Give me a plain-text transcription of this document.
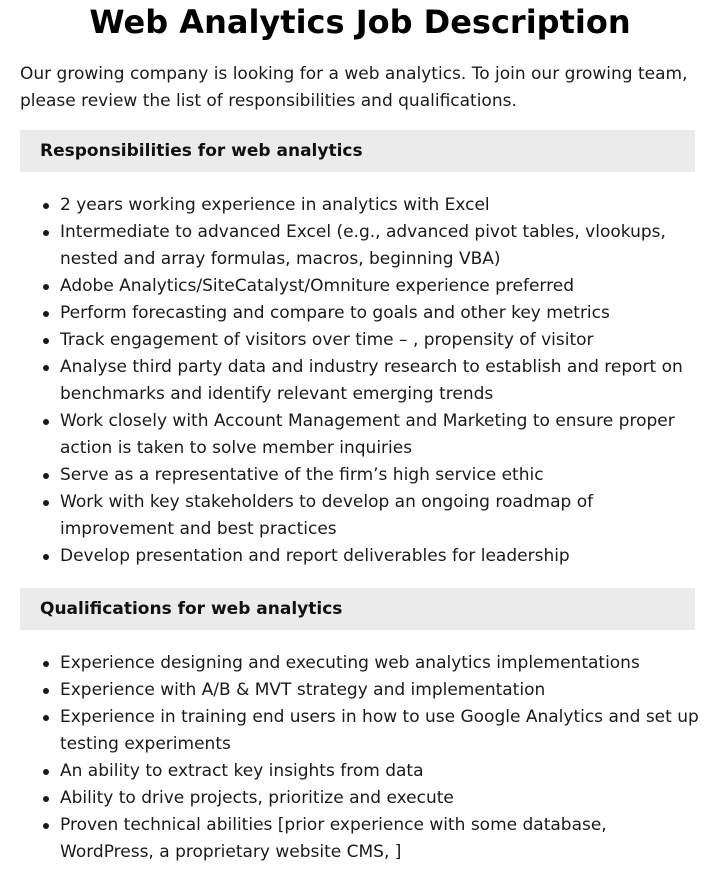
Web Analytics Job Description

Our growing company is looking for a web analytics. To join our growing team, please review the list of responsibilities and qualifications.

Responsibilities for web analytics
2 years working experience in analytics with Excel
Intermediate to advanced Excel (e.g., advanced pivot tables, vlookups, nested and array formulas, macros, beginning VBA)
Adobe Analytics/SiteCatalyst/Omniture experience preferred
Perform forecasting and compare to goals and other key metrics
Track engagement of visitors over time – , propensity of visitor
Analyse third party data and industry research to establish and report on benchmarks and identify relevant emerging trends
Work closely with Account Management and Marketing to ensure proper action is taken to solve member inquiries
Serve as a representative of the firm’s high service ethic
Work with key stakeholders to develop an ongoing roadmap of improvement and best practices
Develop presentation and report deliverables for leadership
Qualifications for web analytics
Experience designing and executing web analytics implementations
Experience with A/B & MVT strategy and implementation
Experience in training end users in how to use Google Analytics and set up testing experiments
An ability to extract key insights from data
Ability to drive projects, prioritize and execute
Proven technical abilities [prior experience with some database, WordPress, a proprietary website CMS, ]
